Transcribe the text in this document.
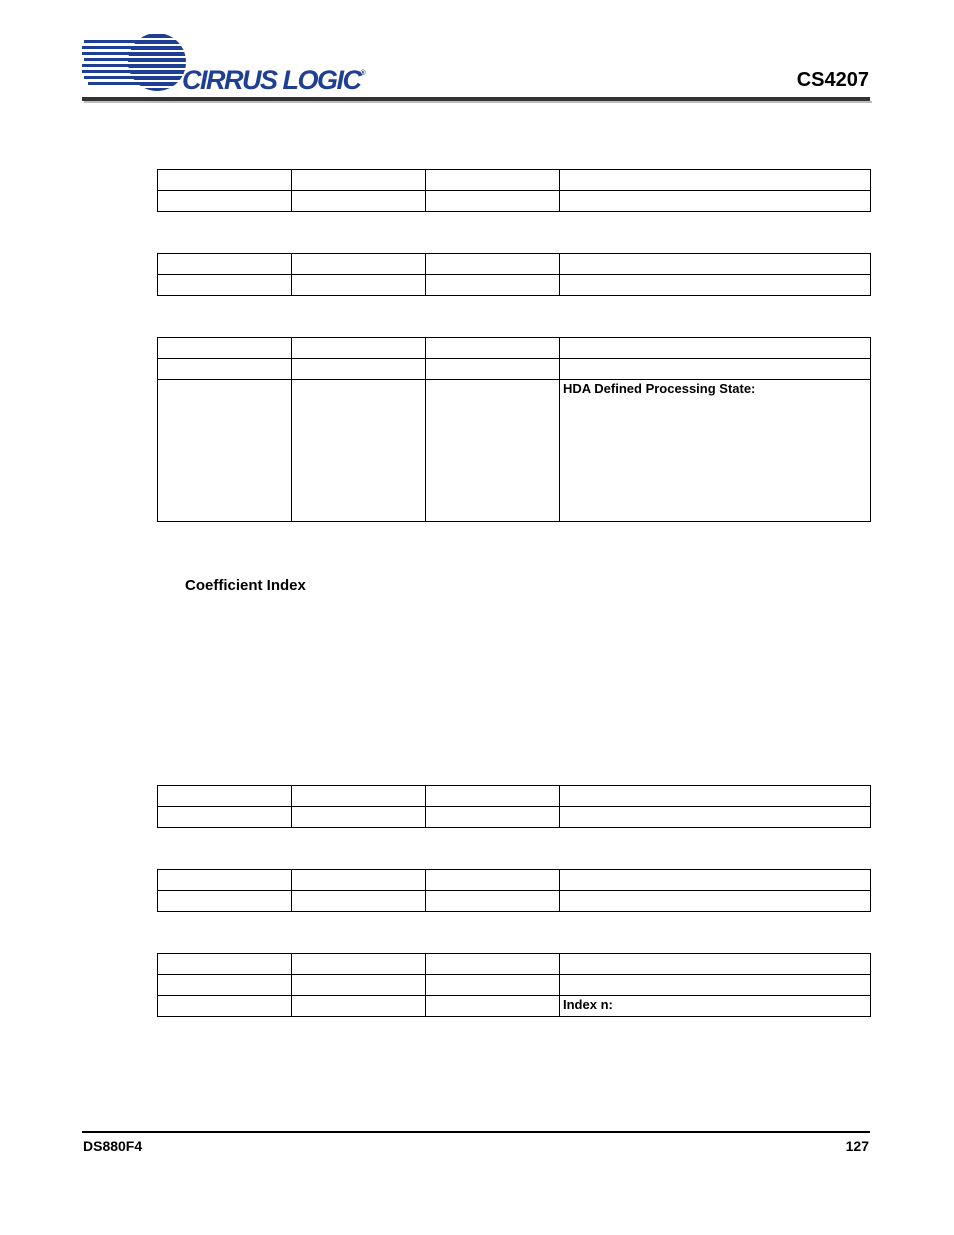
CIRRUS LOGIC®	CS4207

			HDA Defined Processing State:
Coefficient Index

			Index n:
DS880F4	127
